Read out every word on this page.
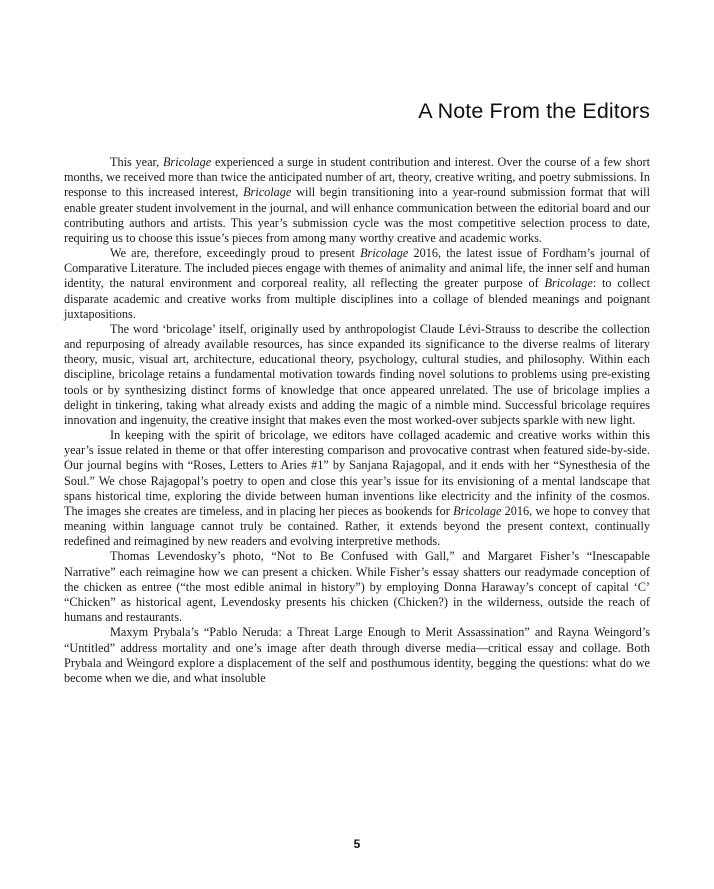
A Note From the Editors

This year, Bricolage experienced a surge in student contribution and interest. Over the course of a few short months, we received more than twice the anticipated number of art, theory, creative writing, and poetry submissions. In response to this increased interest, Bricolage will begin transitioning into a year-round submission format that will enable greater student involvement in the journal, and will enhance communication between the editorial board and our contributing authors and artists. This year’s submission cycle was the most competitive selection process to date, requiring us to choose this issue’s pieces from among many worthy creative and academic works.

We are, therefore, exceedingly proud to present Bricolage 2016, the latest issue of Fordham’s journal of Comparative Literature. The included pieces engage with themes of animality and animal life, the inner self and human identity, the natural environment and corporeal reality, all reflecting the greater purpose of Bricolage: to collect disparate academic and creative works from multiple disciplines into a collage of blended meanings and poignant juxtapositions.

The word ‘bricolage’ itself, originally used by anthropologist Claude Lévi-Strauss to describe the collection and repurposing of already available resources, has since expanded its significance to the diverse realms of literary theory, music, visual art, architecture, educational theory, psychology, cultural studies, and philosophy. Within each discipline, bricolage retains a fundamental motivation towards finding novel solutions to problems using pre-existing tools or by synthesizing distinct forms of knowledge that once appeared unrelated. The use of bricolage implies a delight in tinkering, taking what already exists and adding the magic of a nimble mind. Successful bricolage requires innovation and ingenuity, the creative insight that makes even the most worked-over subjects sparkle with new light.

In keeping with the spirit of bricolage, we editors have collaged academic and creative works within this year’s issue related in theme or that offer interesting comparison and provocative contrast when featured side-by-side. Our journal begins with “Roses, Letters to Aries #1” by Sanjana Rajagopal, and it ends with her “Synesthesia of the Soul.” We chose Rajagopal’s poetry to open and close this year’s issue for its envisioning of a mental landscape that spans historical time, exploring the divide between human inventions like electricity and the infinity of the cosmos. The images she creates are timeless, and in placing her pieces as bookends for Bricolage 2016, we hope to convey that meaning within language cannot truly be contained. Rather, it extends beyond the present context, continually redefined and reimagined by new readers and evolving interpretive methods.

Thomas Levendosky’s photo, “Not to Be Confused with Gall,” and Margaret Fisher’s “Inescapable Narrative” each reimagine how we can present a chicken. While Fisher’s essay shatters our readymade conception of the chicken as entree (“the most edible animal in history”) by employing Donna Haraway’s concept of capital ‘C’ “Chicken” as historical agent, Levendosky presents his chicken (Chicken?) in the wilderness, outside the reach of humans and restaurants.

Maxym Prybala’s “Pablo Neruda: a Threat Large Enough to Merit Assassination” and Rayna Weingord’s “Untitled” address mortality and one’s image after death through diverse media—critical essay and collage. Both Prybala and Weingord explore a displacement of the self and posthumous identity, begging the questions: what do we become when we die, and what insoluble

5
